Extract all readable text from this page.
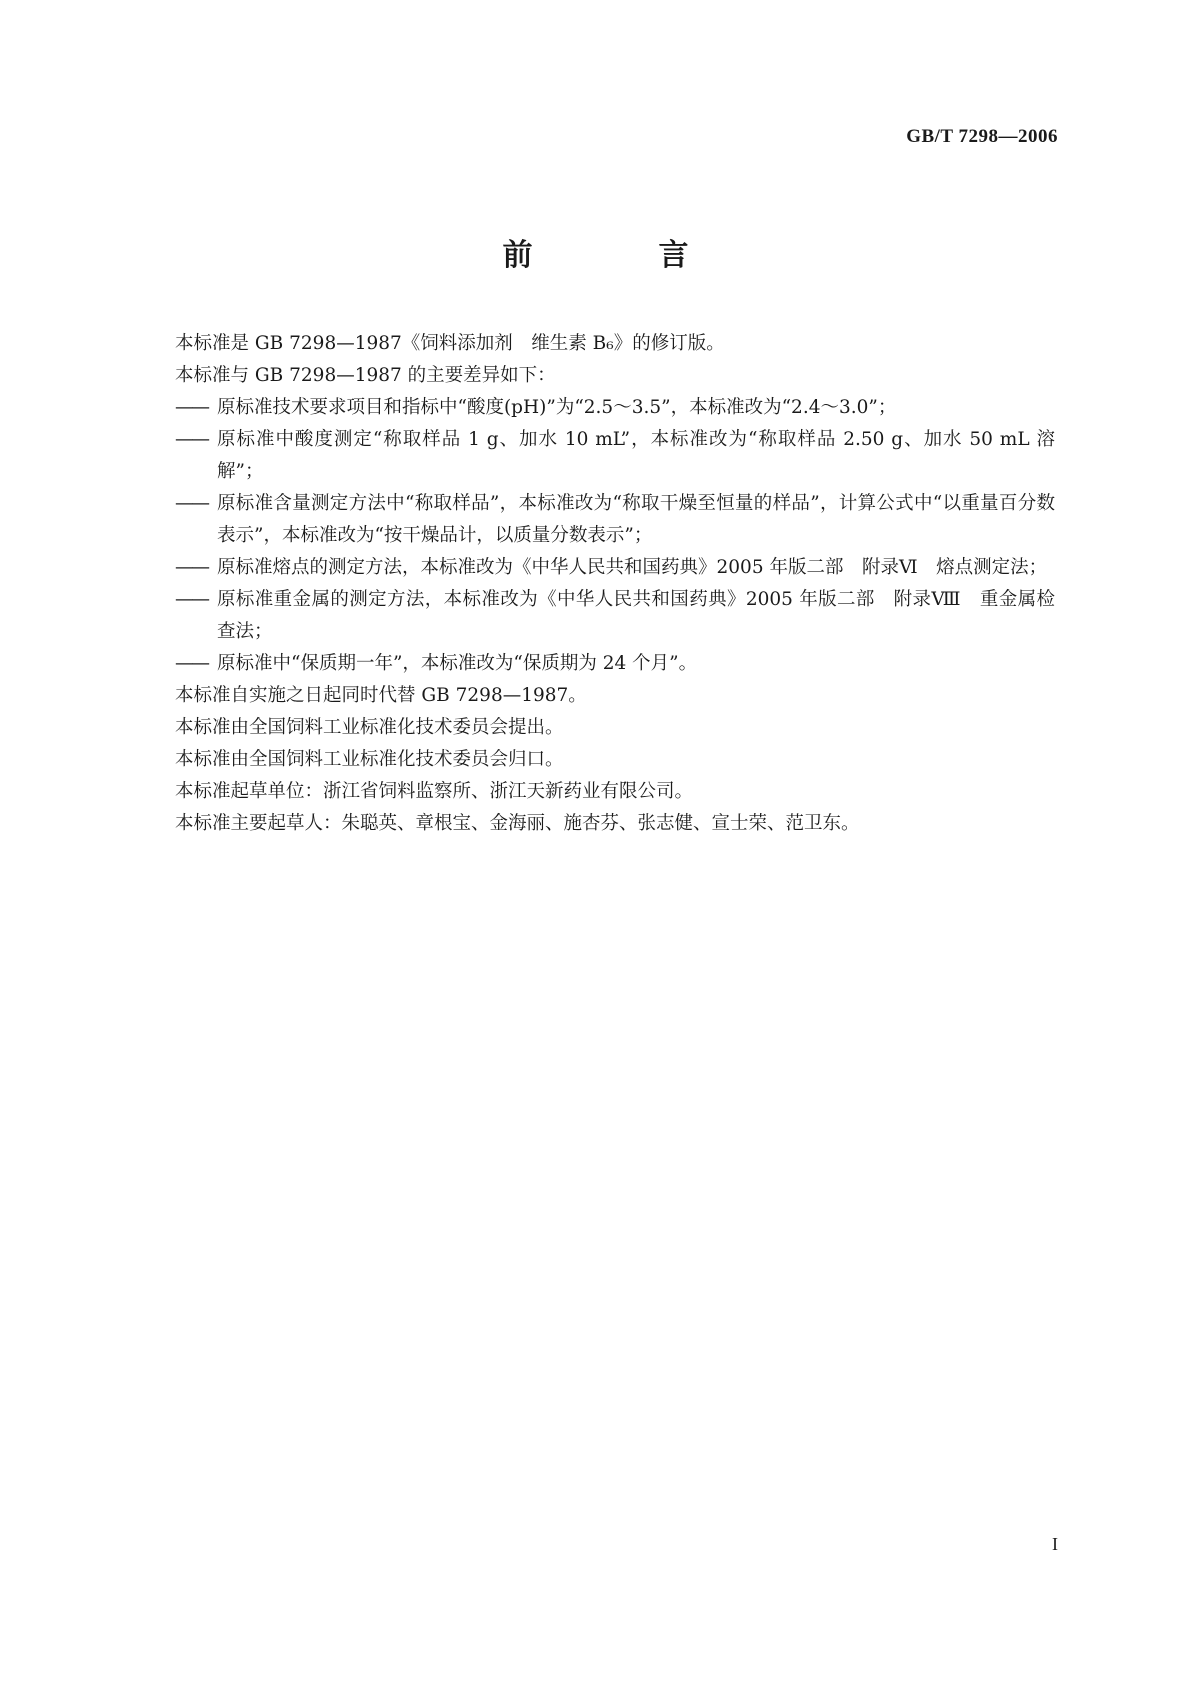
GB/T 7298—2006
前　言
本标准是 GB 7298—1987《饲料添加剂　维生素 B₆》的修订版。
本标准与 GB 7298—1987 的主要差异如下：
—— 原标准技术要求项目和指标中“酸度(pH)”为“2.5～3.5”，本标准改为“2.4～3.0”；
—— 原标准中酸度测定“称取样品 1 g、加水 10 mL”，本标准改为“称取样品 2.50 g、加水 50 mL 溶解”；
—— 原标准含量测定方法中“称取样品”，本标准改为“称取干燥至恒量的样品”，计算公式中“以重量百分数表示”，本标准改为“按干燥品计，以质量分数表示”；
—— 原标准熔点的测定方法，本标准改为《中华人民共和国药典》2005 年版二部　附录Ⅵ　熔点测定法；
—— 原标准重金属的测定方法，本标准改为《中华人民共和国药典》2005 年版二部　附录Ⅷ　重金属检查法；
—— 原标准中“保质期一年”，本标准改为“保质期为 24 个月”。
本标准自实施之日起同时代替 GB 7298—1987。
本标准由全国饲料工业标准化技术委员会提出。
本标准由全国饲料工业标准化技术委员会归口。
本标准起草单位：浙江省饲料监察所、浙江天新药业有限公司。
本标准主要起草人：朱聪英、章根宝、金海丽、施杏芬、张志健、宣士荣、范卫东。
I
